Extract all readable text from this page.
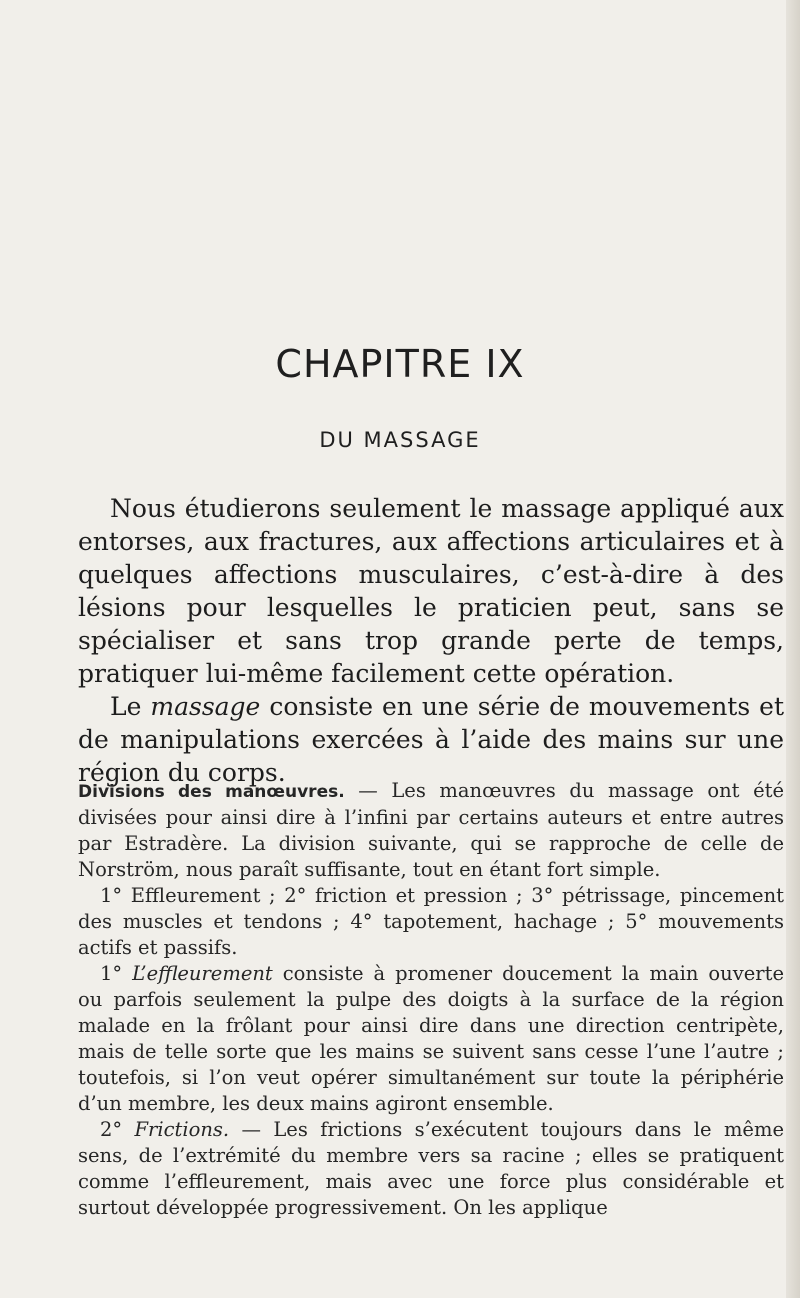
CHAPITRE IX
DU MASSAGE

Nous étudierons seulement le massage appliqué aux entorses, aux fractures, aux affections articulaires et à quelques affections musculaires, c’est-à-dire à des lésions pour lesquelles le praticien peut, sans se spécialiser et sans trop grande perte de temps, pratiquer lui-même facilement cette opération.

Le massage consiste en une série de mouvements et de manipulations exercées à l’aide des mains sur une région du corps.

Divisions des manœuvres. — Les manœuvres du massage ont été divisées pour ainsi dire à l’infini par certains auteurs et entre autres par Estradère. La division suivante, qui se rapproche de celle de Norström, nous paraît suffisante, tout en étant fort simple.

1° Effleurement ; 2° friction et pression ; 3° pétrissage, pincement des muscles et tendons ; 4° tapotement, hachage ; 5° mouvements actifs et passifs.

1° L’effleurement consiste à promener doucement la main ouverte ou parfois seulement la pulpe des doigts à la surface de la région malade en la frôlant pour ainsi dire dans une direction centripète, mais de telle sorte que les mains se suivent sans cesse l’une l’autre ; toutefois, si l’on veut opérer simultanément sur toute la périphérie d’un membre, les deux mains agiront ensemble.

2° Frictions. — Les frictions s’exécutent toujours dans le même sens, de l’extrémité du membre vers sa racine ; elles se pratiquent comme l’effleurement, mais avec une force plus considérable et surtout développée progressivement. On les applique
